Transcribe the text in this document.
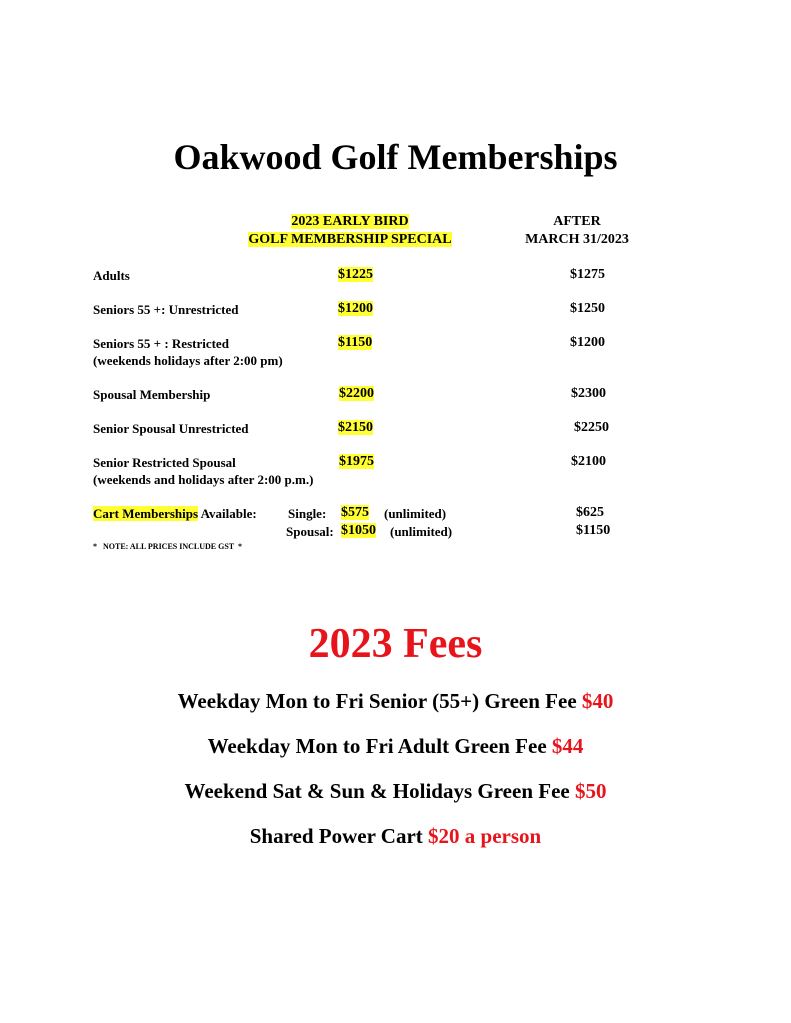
Oakwood Golf Memberships
2023 EARLY BIRD
GOLF MEMBERSHIP SPECIAL
AFTER
MARCH 31/2023
Adults	$1225	$1275
Seniors 55 +: Unrestricted	$1200	$1250
Seniors 55 + : Restricted
(weekends holidays after 2:00 pm)
$1150	$1200
Spousal Membership	$2200	$2300
Senior Spousal Unrestricted	$2150	$2250
Senior Restricted Spousal
(weekends and holidays after 2:00 p.m.)
$1975	$2100
Cart Memberships Available: Single: $575 (unlimited)	$625
Spousal: $1050 (unlimited)	$1150
*   NOTE: ALL PRICES INCLUDE GST  *
2023 Fees
Weekday Mon to Fri Senior (55+) Green Fee $40
Weekday Mon to Fri Adult Green Fee $44
Weekend Sat & Sun & Holidays Green Fee $50
Shared Power Cart $20 a person
